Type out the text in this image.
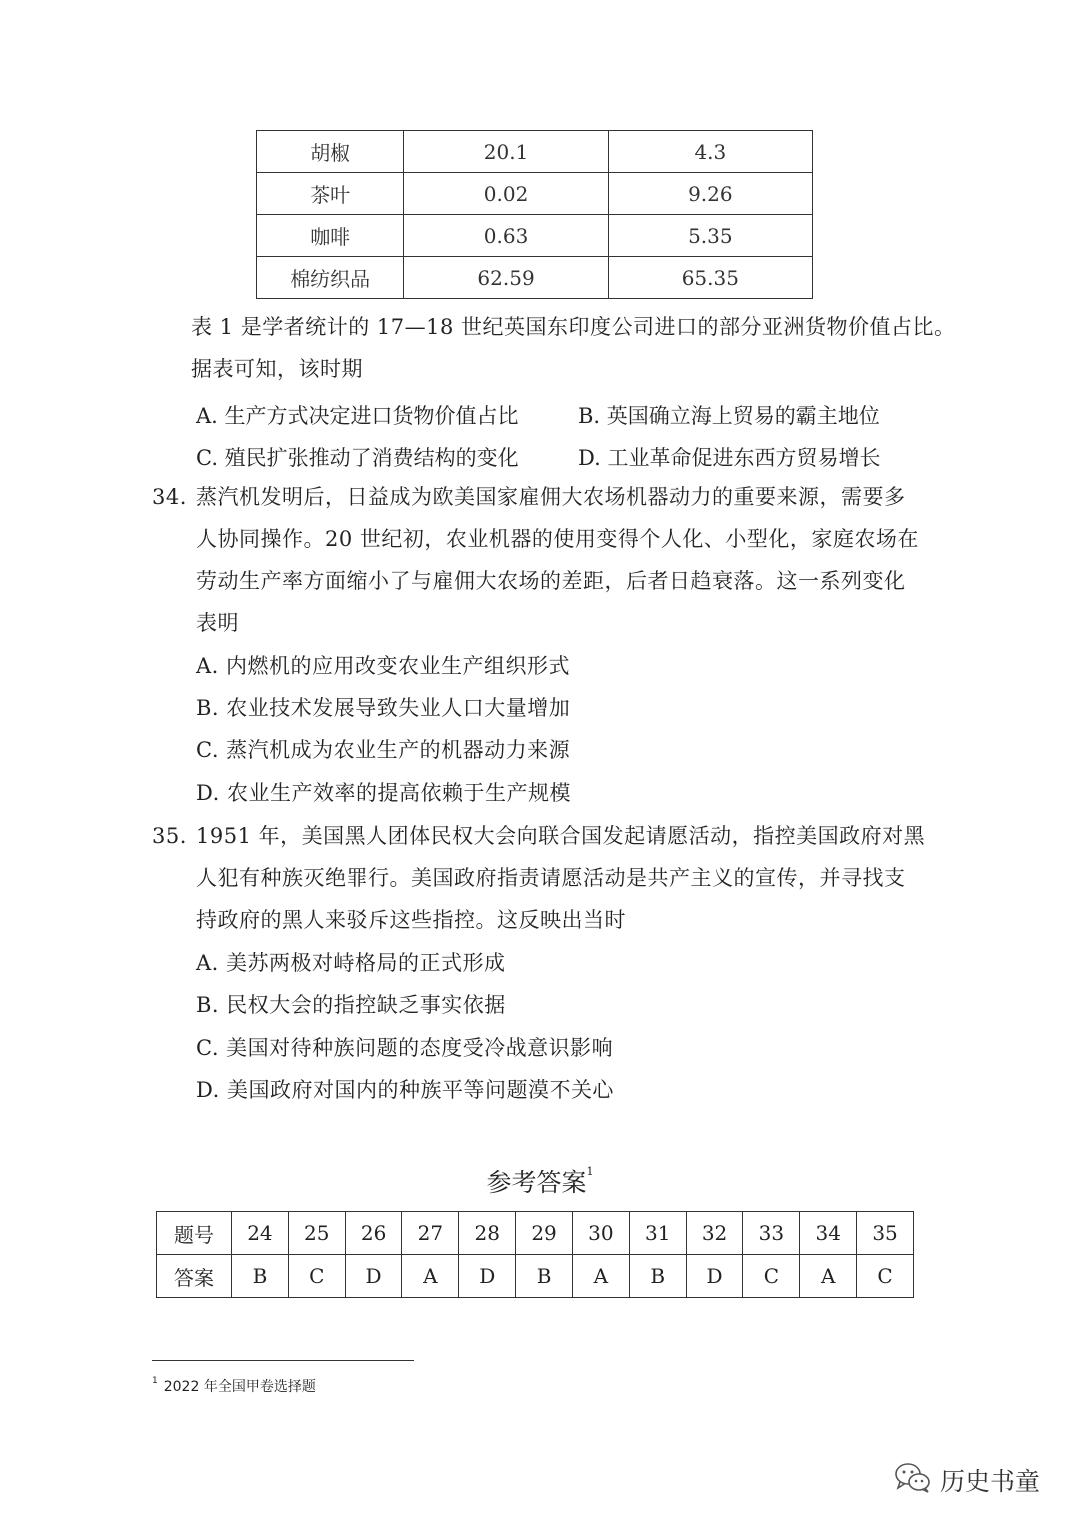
胡椒	20.1	4.3
茶叶	0.02	9.26
咖啡	0.63	5.35
棉纺织品	62.59	65.35
表 1 是学者统计的 17—18 世纪英国东印度公司进口的部分亚洲货物价值占比。
据表可知，该时期
A. 生产方式决定进口货物价值占比	B. 英国确立海上贸易的霸主地位
C. 殖民扩张推动了消费结构的变化	D. 工业革命促进东西方贸易增长
34. 蒸汽机发明后，日益成为欧美国家雇佣大农场机器动力的重要来源，需要多
人协同操作。20 世纪初，农业机器的使用变得个人化、小型化，家庭农场在
劳动生产率方面缩小了与雇佣大农场的差距，后者日趋衰落。这一系列变化
表明
A. 内燃机的应用改变农业生产组织形式
B. 农业技术发展导致失业人口大量增加
C. 蒸汽机成为农业生产的机器动力来源
D. 农业生产效率的提高依赖于生产规模
35. 1951 年，美国黑人团体民权大会向联合国发起请愿活动，指控美国政府对黑
人犯有种族灭绝罪行。美国政府指责请愿活动是共产主义的宣传，并寻找支
持政府的黑人来驳斥这些指控。这反映出当时
A. 美苏两极对峙格局的正式形成
B. 民权大会的指控缺乏事实依据
C. 美国对待种族问题的态度受冷战意识影响
D. 美国政府对国内的种族平等问题漠不关心
参考答案$^1$
题号	24	25	26	27	28	29	30	31	32	33	34	35
答案	B	C	D	A	D	B	A	B	D	C	A	C
$^1$ 2022 年全国甲卷选择题
历史书童
